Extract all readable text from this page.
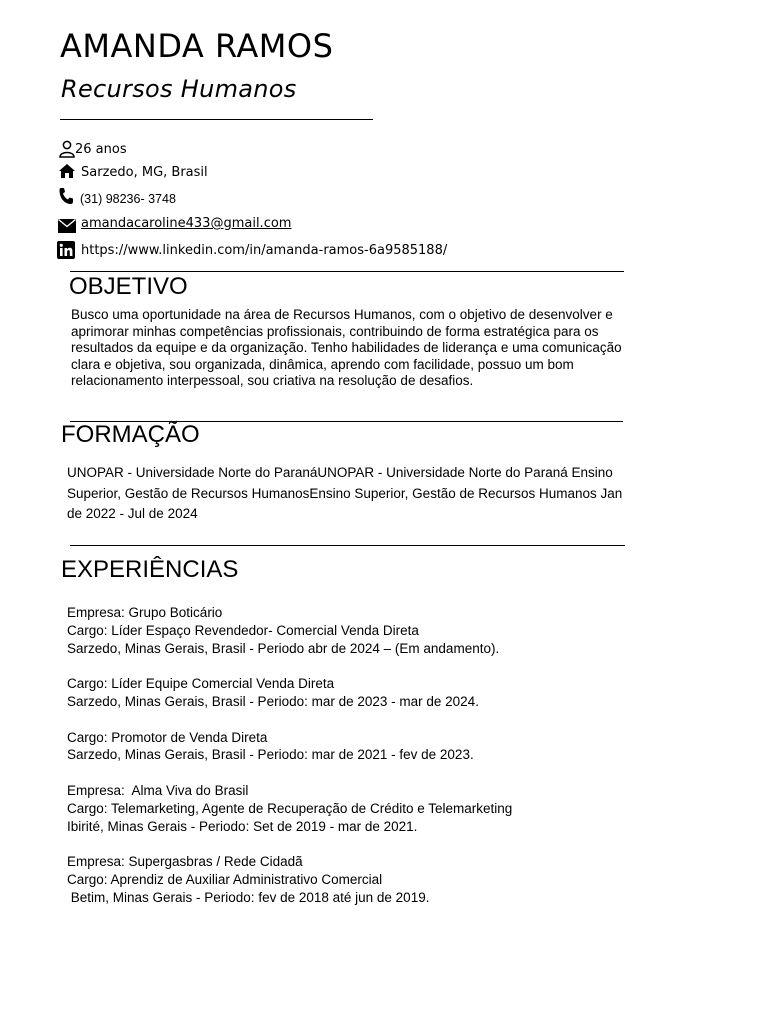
AMANDA RAMOS
Recursos Humanos
26 anos
Sarzedo, MG, Brasil
(31) 98236- 3748
amandacaroline433@gmail.com
https://www.linkedin.com/in/amanda-ramos-6a9585188/
OBJETIVO
Busco uma oportunidade na área de Recursos Humanos, com o objetivo de desenvolver e aprimorar minhas competências profissionais, contribuindo de forma estratégica para os resultados da equipe e da organização. Tenho habilidades de liderança e uma comunicação clara e objetiva, sou organizada, dinâmica, aprendo com facilidade, possuo um bom relacionamento interpessoal, sou criativa na resolução de desafios.
FORMAÇÃO
UNOPAR - Universidade Norte do ParanáUNOPAR - Universidade Norte do Paraná Ensino Superior, Gestão de Recursos HumanosEnsino Superior, Gestão de Recursos Humanos Jan de 2022 - Jul de 2024
EXPERIÊNCIAS
Empresa: Grupo Boticário
Cargo: Líder Espaço Revendedor- Comercial Venda Direta
Sarzedo, Minas Gerais, Brasil - Periodo abr de 2024 – (Em andamento).
Cargo: Líder Equipe Comercial Venda Direta
Sarzedo, Minas Gerais, Brasil - Periodo: mar de 2023 - mar de 2024.
Cargo: Promotor de Venda Direta
Sarzedo, Minas Gerais, Brasil - Periodo: mar de 2021 - fev de 2023.
Empresa:  Alma Viva do Brasil
Cargo: Telemarketing, Agente de Recuperação de Crédito e Telemarketing
Ibirité, Minas Gerais - Periodo: Set de 2019 - mar de 2021.
Empresa: Supergasbras / Rede Cidadã
Cargo: Aprendiz de Auxiliar Administrativo Comercial
Betim, Minas Gerais - Periodo: fev de 2018 até jun de 2019.
